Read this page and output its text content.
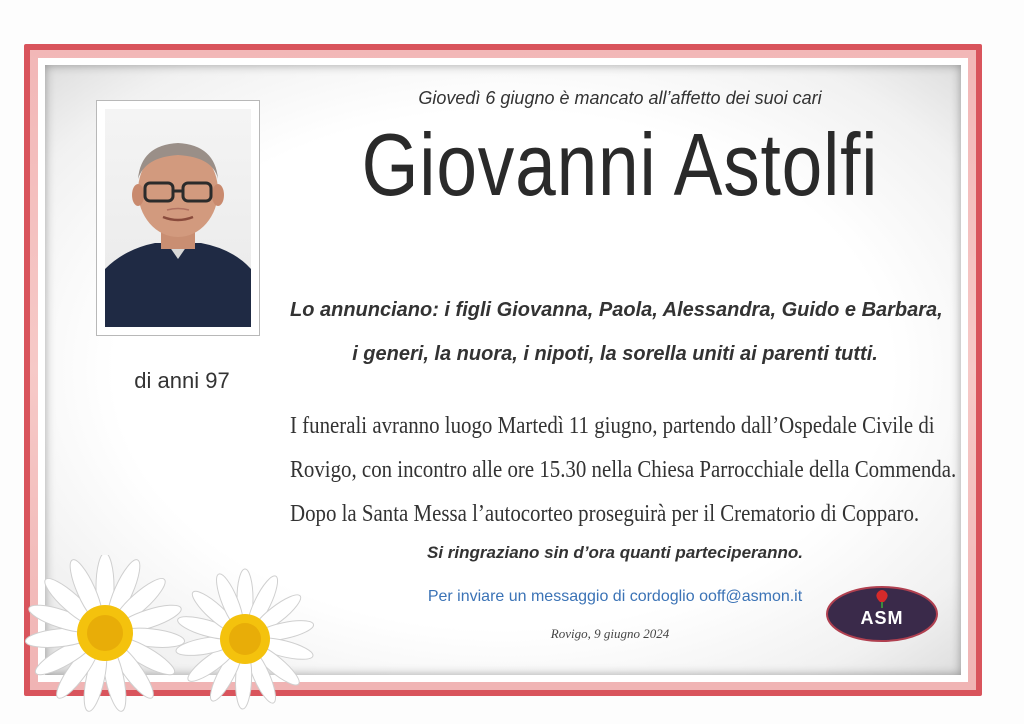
di anni 97
Giovedì 6 giugno è mancato all’affetto dei suoi cari
Giovanni Astolfi
Lo annunciano: i figli Giovanna, Paola, Alessandra, Guido e Barbara,
i generi, la nuora, i nipoti, la sorella uniti ai parenti tutti.
I funerali avranno luogo Martedì 11 giugno, partendo dall’Ospedale Civile di
Rovigo, con incontro alle ore 15.30 nella Chiesa Parrocchiale della Commenda.
Dopo la Santa Messa l’autocorteo proseguirà per il Crematorio di Copparo.
Si ringraziano sin d’ora quanti parteciperanno.
Per inviare un messaggio di cordoglio ooff@asmon.it
Rovigo, 9 giugno 2024
ASM
